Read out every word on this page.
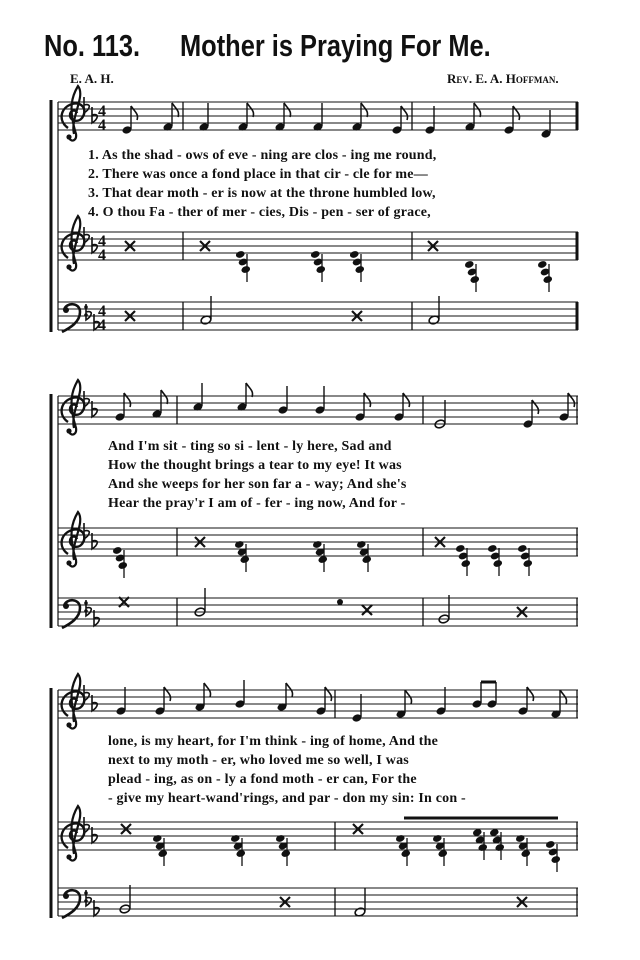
No. 113. Mother is Praying For Me.
E. A. H.	Rev. E. A. Hoffman.
4
4
4
4
4
4
1. As the shad - ows of eve - ning are clos - ing me round,
2. There was once a fond place in that cir - cle for me—
3. That dear moth - er is now at the throne humbled low,
4. O thou Fa - ther of mer - cies, Dis - pen - ser of grace,
And I'm sit - ting so si - lent - ly here, Sad and
How the thought brings a tear to my eye! It was
And she weeps for her son far a - way; And she's
Hear the pray'r I am of - fer - ing now, And for -
lone, is my heart, for I'm think - ing of home, And the
next to my moth - er, who loved me so well, I was
plead - ing, as on - ly a fond moth - er can, For the
- give my heart-wand'rings, and par - don my sin: In con -
